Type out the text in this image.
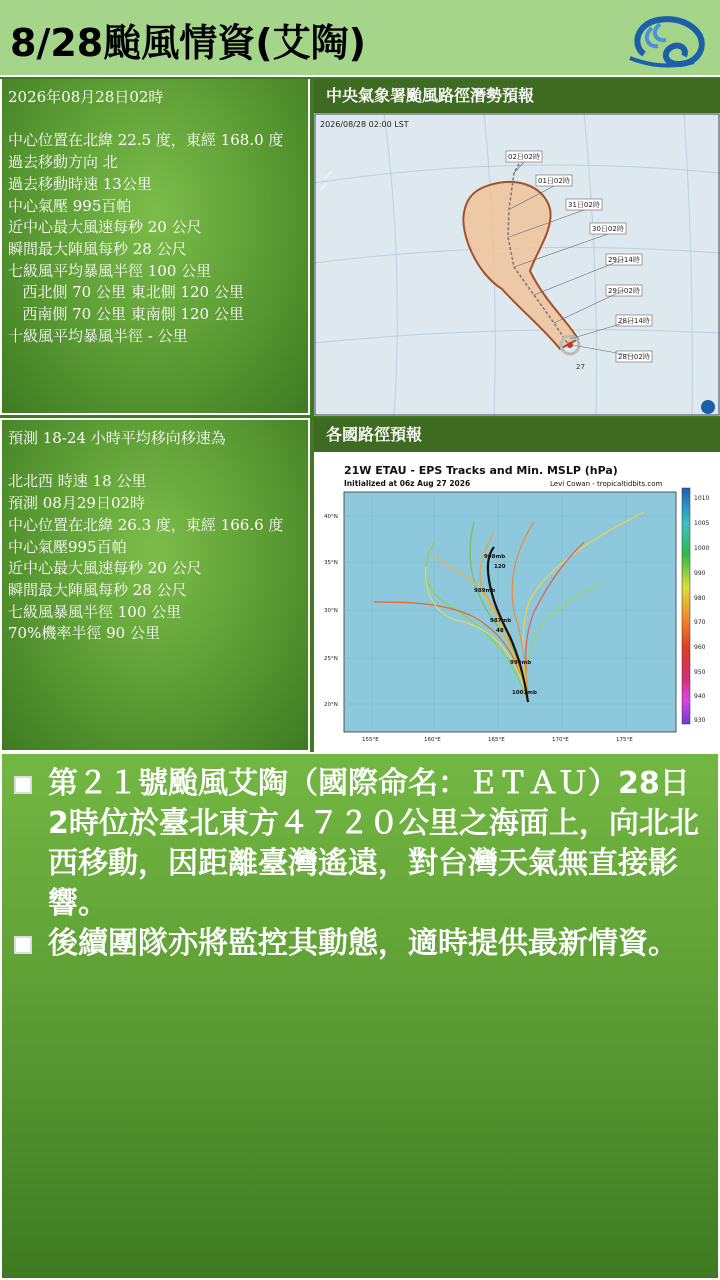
8/28颱風情資(艾陶)
2026年08月28日02時

中心位置在北緯 22.5 度，東經 168.0 度
過去移動方向 北
過去移動時速 13公里
中心氣壓 995百帕
近中心最大風速每秒 20 公尺
瞬間最大陣風每秒 28 公尺
七級風平均暴風半徑 100 公里
西北側 70 公里 東北側 120 公里
西南側 70 公里 東南側 120 公里
十級風平均暴風半徑 - 公里
預測 18-24 小時平均移向移速為

北北西 時速 18 公里
預測 08月29日02時
中心位置在北緯 26.3 度，東經 166.6 度
中心氣壓995百帕
近中心最大風速每秒 20 公尺
瞬間最大陣風每秒 28 公尺
七級風暴風半徑 100 公里
70%機率半徑 90 公里
中央氣象署颱風路徑潛勢預報
2026/08/28 02:00 LST
27
02日02時
01日02時
31日02時
30日02時
29日14時
29日02時
28日14時
28日02時
各國路徑預報
21W ETAU - EPS Tracks and Min. MSLP (hPa)
Initialized at 06z Aug 27 2026	Levi Cowan - tropicaltidbits.com
40°N
35°N
30°N
25°N
20°N
155°E	160°E	165°E	170°E	175°E
998mb
120
989mb
987mb
48
994mb
1001mb
1010
1005
1000
990
980
970
960
950
940
930
第２１號颱風艾陶（國際命名：ＥＴＡＵ）28日2時位於臺北東方４７２０公里之海面上，向北北西移動，因距離臺灣遙遠，對台灣天氣無直接影響。
後續團隊亦將監控其動態，適時提供最新情資。
